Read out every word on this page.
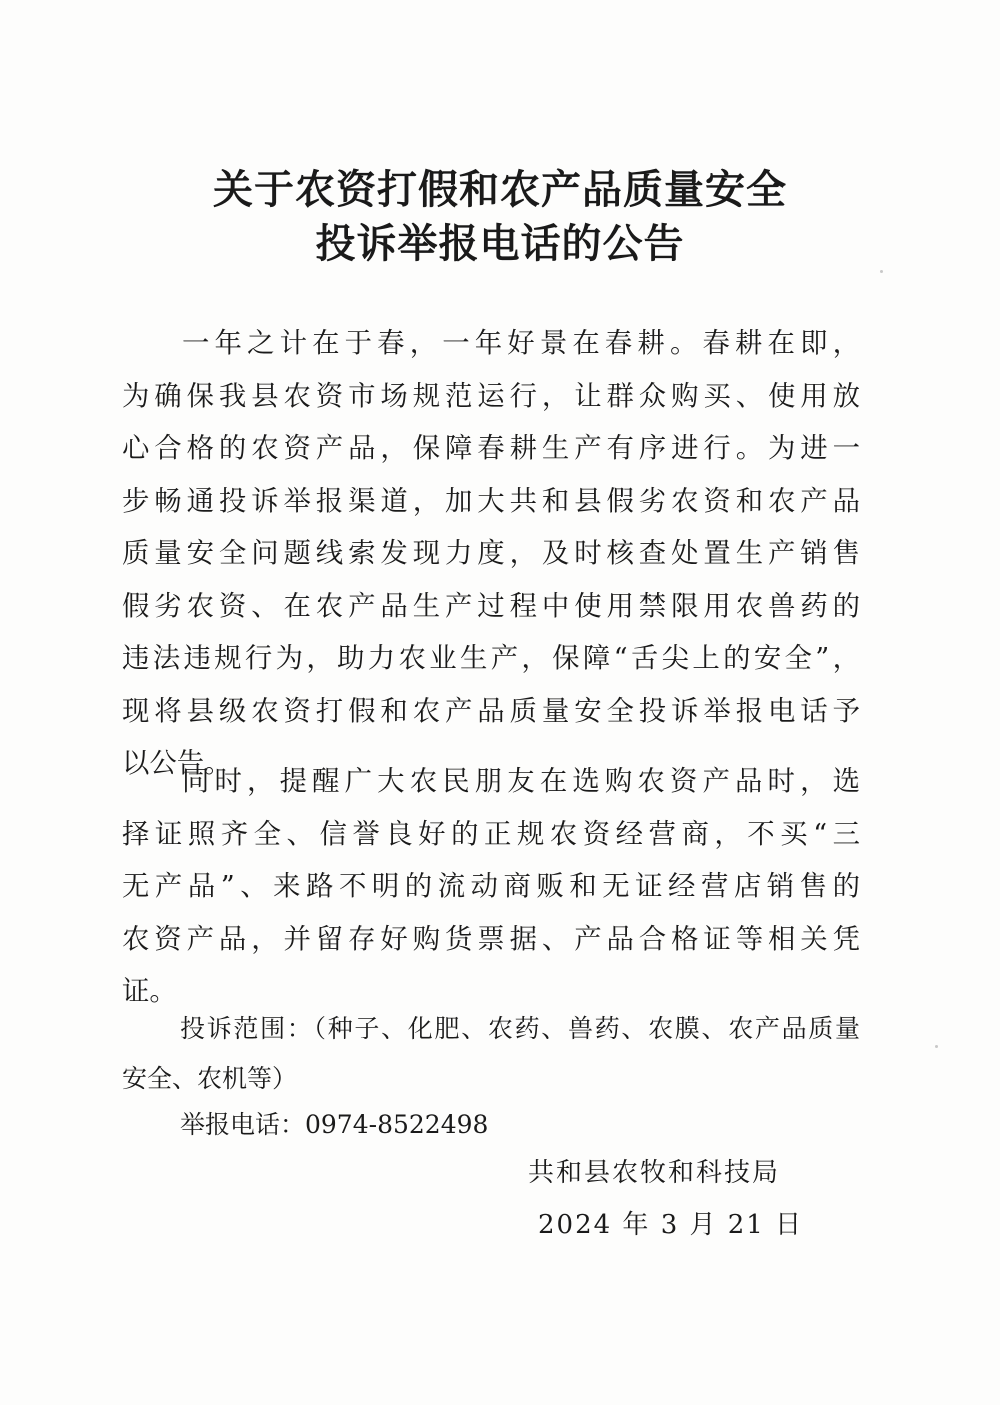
关于农资打假和农产品质量安全
投诉举报电话的公告
一年之计在于春，一年好景在春耕。春耕在即，
为确保我县农资市场规范运行，让群众购买、使用放
心合格的农资产品，保障春耕生产有序进行。为进一
步畅通投诉举报渠道，加大共和县假劣农资和农产品
质量安全问题线索发现力度，及时核查处置生产销售
假劣农资、在农产品生产过程中使用禁限用农兽药的
违法违规行为，助力农业生产，保障“舌尖上的安全”，
现将县级农资打假和农产品质量安全投诉举报电话予
以公告。
同时，提醒广大农民朋友在选购农资产品时，选
择证照齐全、信誉良好的正规农资经营商，不买“三
无产品”、来路不明的流动商贩和无证经营店销售的
农资产品，并留存好购货票据、产品合格证等相关凭
证。

投诉范围：（种子、化肥、农药、兽药、农膜、农产品质量

安全、农机等）

举报电话：0974-8522498

共和县农牧和科技局

2024 年 3 月 21 日
